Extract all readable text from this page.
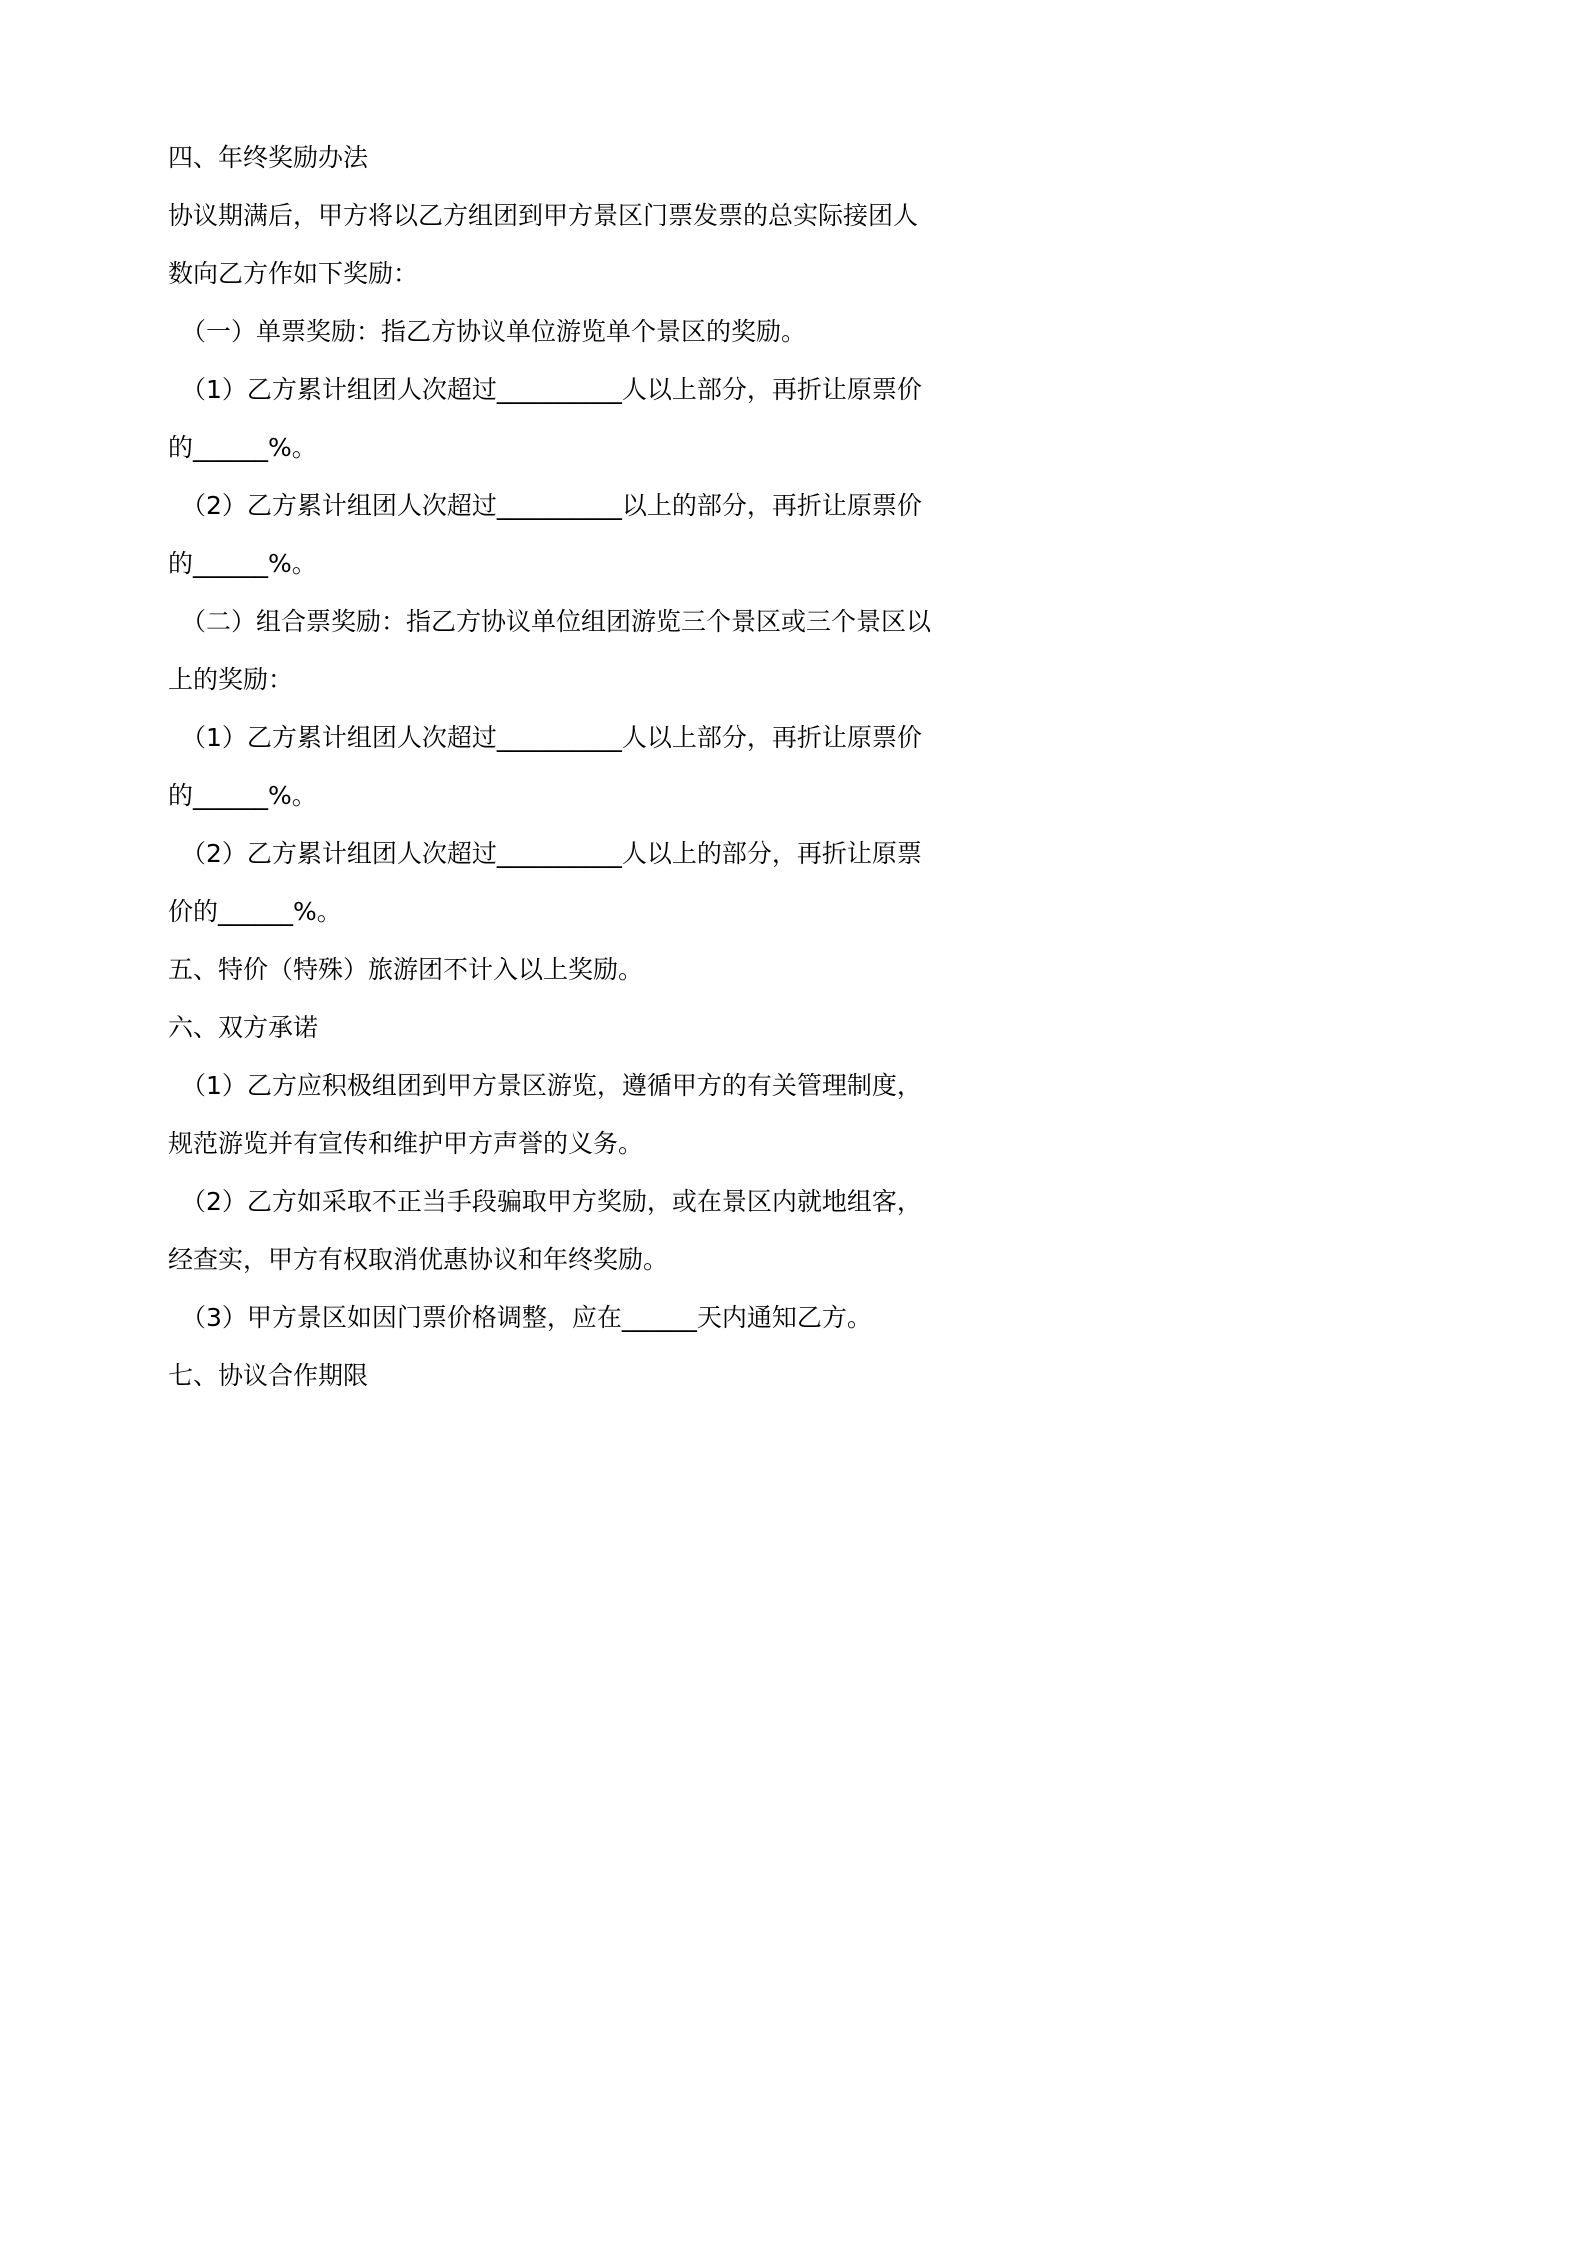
四、年终奖励办法
协议期满后，甲方将以乙方组团到甲方景区门票发票的总实际接团人
数向乙方作如下奖励：
（一）单票奖励：指乙方协议单位游览单个景区的奖励。
（1）乙方累计组团人次超过__________人以上部分，再折让原票价
的______%。
（2）乙方累计组团人次超过__________以上的部分，再折让原票价
的______%。
（二）组合票奖励：指乙方协议单位组团游览三个景区或三个景区以
上的奖励：
（1）乙方累计组团人次超过__________人以上部分，再折让原票价
的______%。
（2）乙方累计组团人次超过__________人以上的部分，再折让原票
价的______%。
五、特价（特殊）旅游团不计入以上奖励。
六、双方承诺
（1）乙方应积极组团到甲方景区游览，遵循甲方的有关管理制度，
规范游览并有宣传和维护甲方声誉的义务。
（2）乙方如采取不正当手段骗取甲方奖励，或在景区内就地组客，
经查实，甲方有权取消优惠协议和年终奖励。
（3）甲方景区如因门票价格调整，应在______天内通知乙方。
七、协议合作期限
